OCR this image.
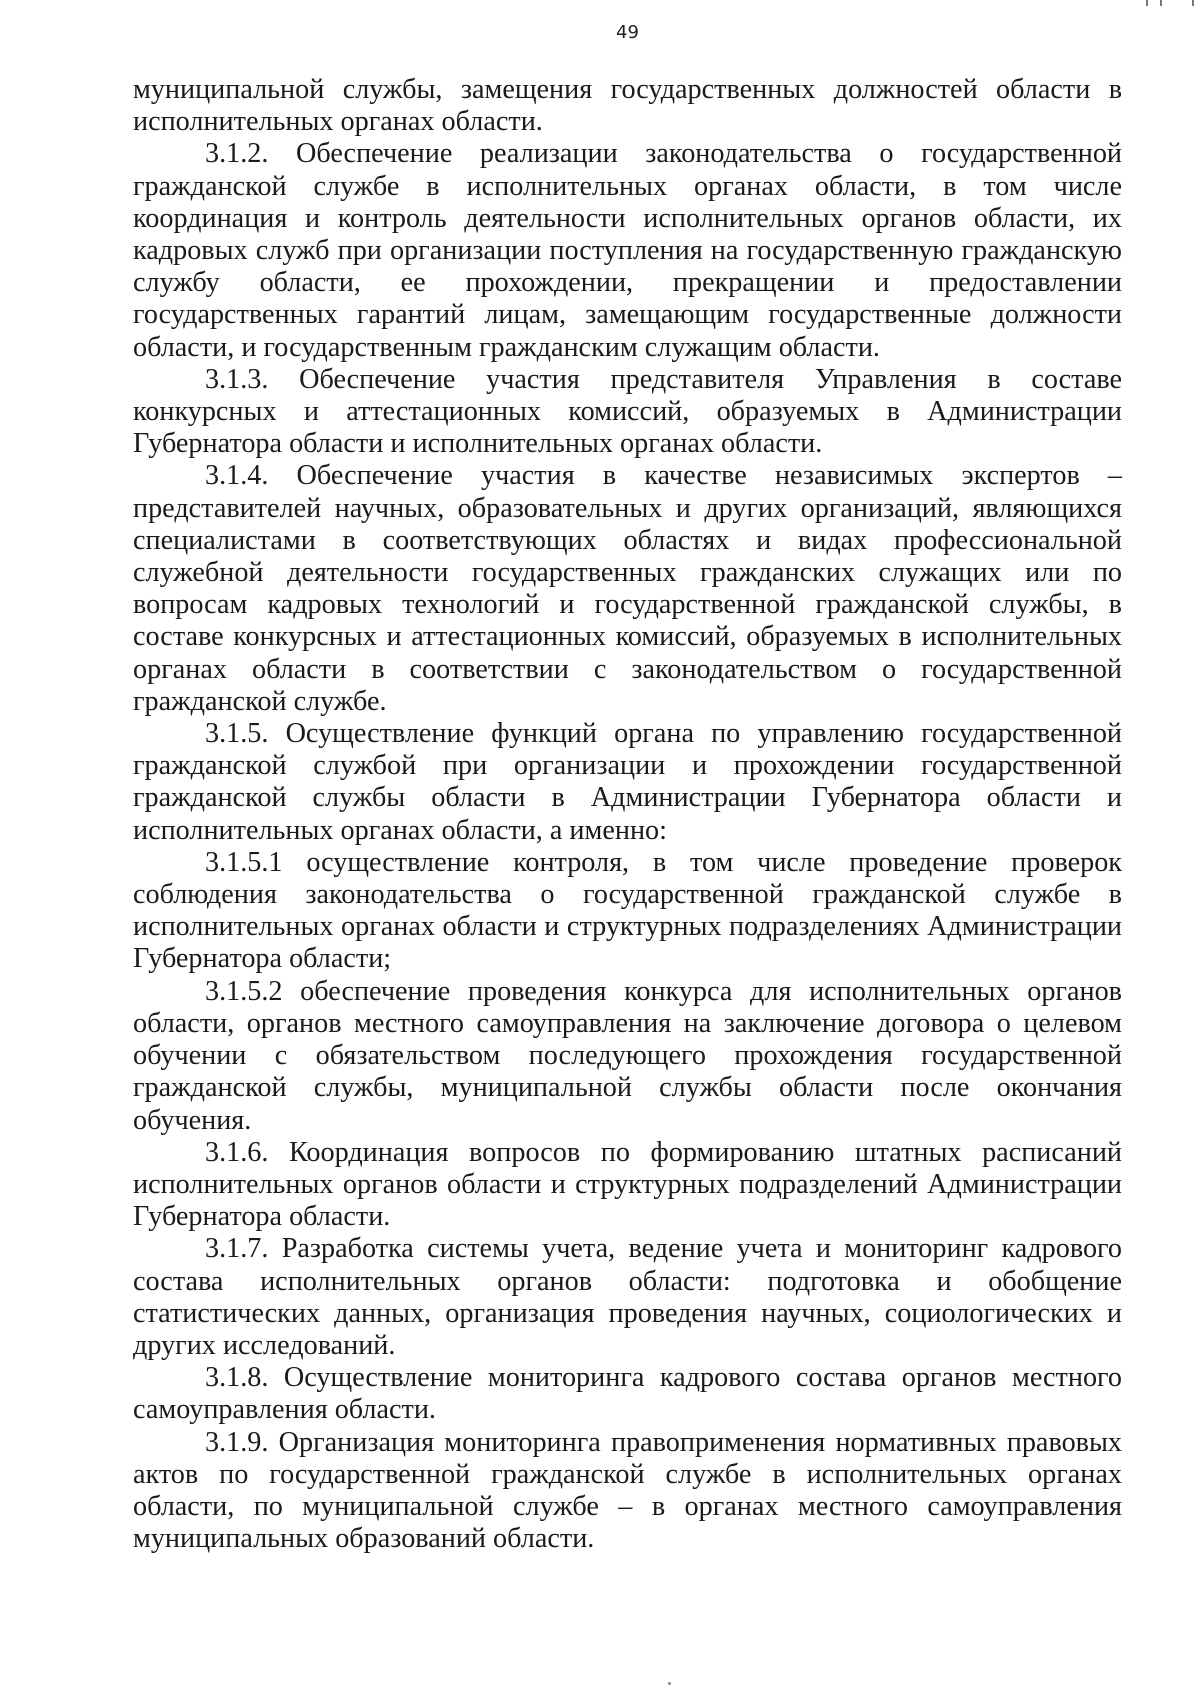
49

муниципальной службы, замещения государственных должностей области в исполнительных органах области.

3.1.2. Обеспечение реализации законодательства о государственной гражданской службе в исполнительных органах области, в том числе координация и контроль деятельности исполнительных органов области, их кадровых служб при организации поступления на государственную гражданскую службу области, ее прохождении, прекращении и предоставлении государственных гарантий лицам, замещающим государственные должности области, и государственным гражданским служащим области.

3.1.3. Обеспечение участия представителя Управления в составе конкурсных и аттестационных комиссий, образуемых в Администрации Губернатора области и исполнительных органах области.

3.1.4. Обеспечение участия в качестве независимых экспертов – представителей научных, образовательных и других организаций, являющихся специалистами в соответствующих областях и видах профессиональной служебной деятельности государственных гражданских служащих или по вопросам кадровых технологий и государственной гражданской службы, в составе конкурсных и аттестационных комиссий, образуемых в исполнительных органах области в соответствии с законодательством о государственной гражданской службе.

3.1.5. Осуществление функций органа по управлению государственной гражданской службой при организации и прохождении государственной гражданской службы области в Администрации Губернатора области и исполнительных органах области, а именно:

3.1.5.1 осуществление контроля, в том числе проведение проверок соблюдения законодательства о государственной гражданской службе в исполнительных органах области и структурных подразделениях Администрации Губернатора области;

3.1.5.2 обеспечение проведения конкурса для исполнительных органов области, органов местного самоуправления на заключение договора о целевом обучении с обязательством последующего прохождения государственной гражданской службы, муниципальной службы области после окончания обучения.

3.1.6. Координация вопросов по формированию штатных расписаний исполнительных органов области и структурных подразделений Администрации Губернатора области.

3.1.7. Разработка системы учета, ведение учета и мониторинг кадрового состава исполнительных органов области: подготовка и обобщение статистических данных, организация проведения научных, социологических и других исследований.

3.1.8. Осуществление мониторинга кадрового состава органов местного самоуправления области.

3.1.9. Организация мониторинга правоприменения нормативных правовых актов по государственной гражданской службе в исполнительных органах области, по муниципальной службе – в органах местного самоуправления муниципальных образований области.
